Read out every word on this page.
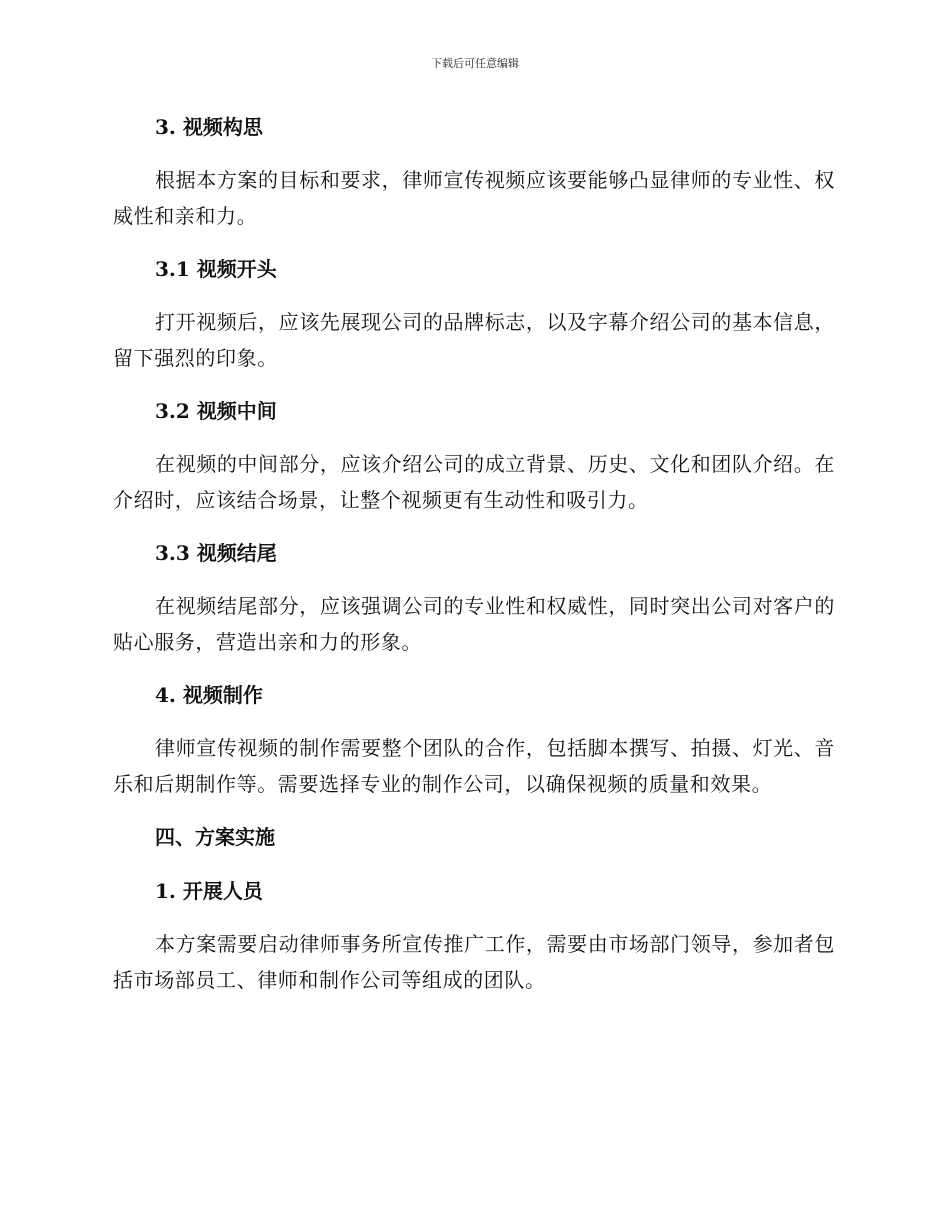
下载后可任意编辑
3. 视频构思
根据本方案的目标和要求，律师宣传视频应该要能够凸显律师的专业性、权威性和亲和力。
3.1 视频开头
打开视频后，应该先展现公司的品牌标志，以及字幕介绍公司的基本信息，留下强烈的印象。
3.2 视频中间
在视频的中间部分，应该介绍公司的成立背景、历史、文化和团队介绍。在介绍时，应该结合场景，让整个视频更有生动性和吸引力。
3.3 视频结尾
在视频结尾部分，应该强调公司的专业性和权威性，同时突出公司对客户的贴心服务，营造出亲和力的形象。
4. 视频制作
律师宣传视频的制作需要整个团队的合作，包括脚本撰写、拍摄、灯光、音乐和后期制作等。需要选择专业的制作公司，以确保视频的质量和效果。
四、方案实施
1. 开展人员
本方案需要启动律师事务所宣传推广工作，需要由市场部门领导，参加者包括市场部员工、律师和制作公司等组成的团队。
